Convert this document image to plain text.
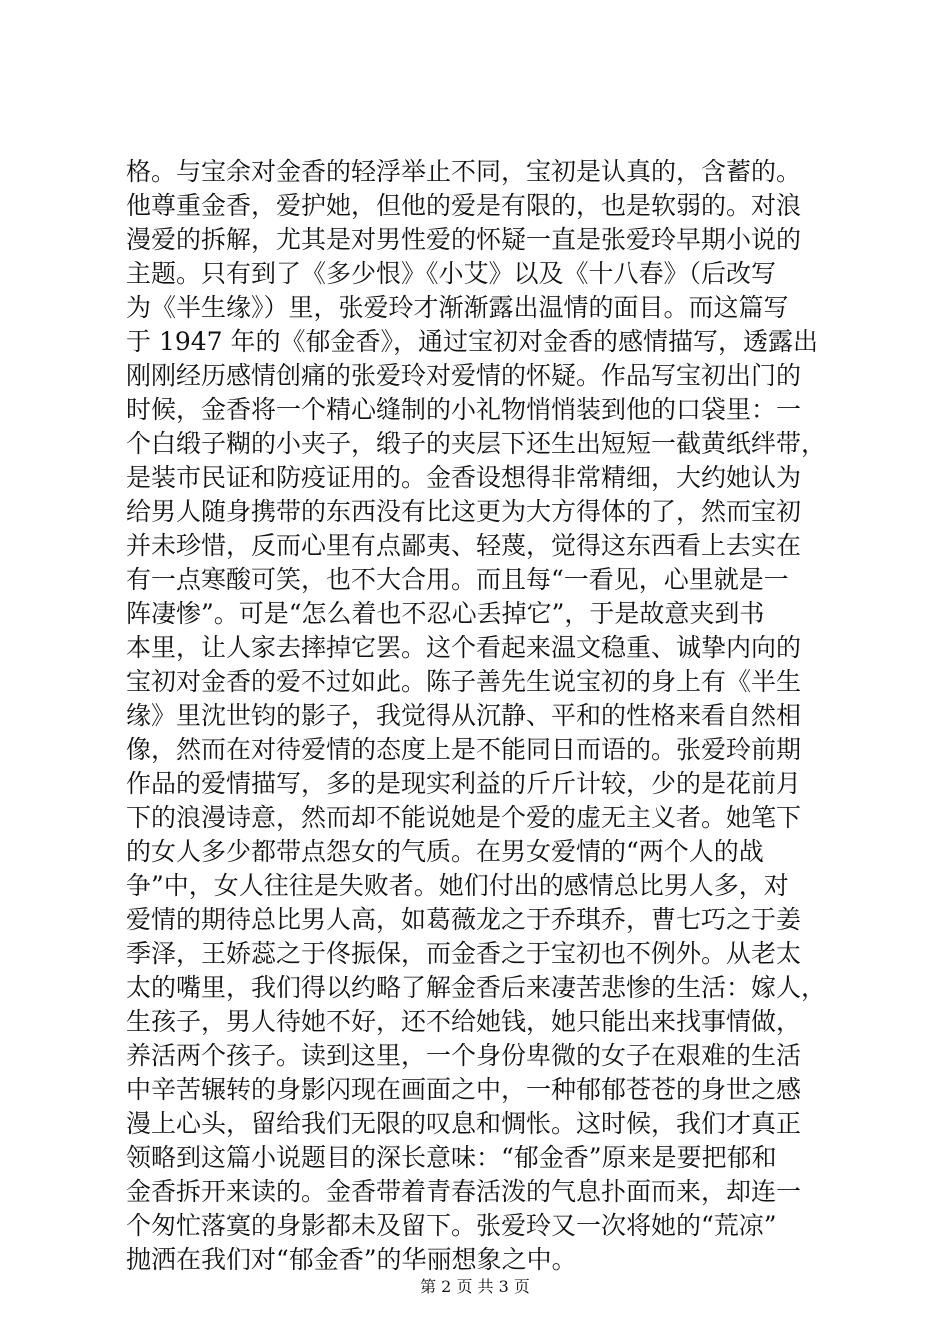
格。与宝余对金香的轻浮举止不同，宝初是认真的，含蓄的。
他尊重金香，爱护她，但他的爱是有限的，也是软弱的。对浪
漫爱的拆解，尤其是对男性爱的怀疑一直是张爱玲早期小说的
主题。只有到了《多少恨》《小艾》以及《十八春》（后改写
为《半生缘》）里，张爱玲才渐渐露出温情的面目。而这篇写
于 1947 年的《郁金香》，通过宝初对金香的感情描写，透露出
刚刚经历感情创痛的张爱玲对爱情的怀疑。作品写宝初出门的
时候，金香将一个精心缝制的小礼物悄悄装到他的口袋里：一
个白缎子糊的小夹子，缎子的夹层下还生出短短一截黄纸绊带，
是装市民证和防疫证用的。金香设想得非常精细，大约她认为
给男人随身携带的东西没有比这更为大方得体的了，然而宝初
并未珍惜，反而心里有点鄙夷、轻蔑，觉得这东西看上去实在
有一点寒酸可笑，也不大合用。而且每“一看见，心里就是一
阵凄惨”。可是“怎么着也不忍心丢掉它”，于是故意夹到书
本里，让人家去摔掉它罢。这个看起来温文稳重、诚挚内向的
宝初对金香的爱不过如此。陈子善先生说宝初的身上有《半生
缘》里沈世钧的影子，我觉得从沉静、平和的性格来看自然相
像，然而在对待爱情的态度上是不能同日而语的。张爱玲前期
作品的爱情描写，多的是现实利益的斤斤计较，少的是花前月
下的浪漫诗意，然而却不能说她是个爱的虚无主义者。她笔下
的女人多少都带点怨女的气质。在男女爱情的“两个人的战
争”中，女人往往是失败者。她们付出的感情总比男人多，对
爱情的期待总比男人高，如葛薇龙之于乔琪乔，曹七巧之于姜
季泽，王娇蕊之于佟振保，而金香之于宝初也不例外。从老太
太的嘴里，我们得以约略了解金香后来凄苦悲惨的生活：嫁人，
生孩子，男人待她不好，还不给她钱，她只能出来找事情做，
养活两个孩子。读到这里，一个身份卑微的女子在艰难的生活
中辛苦辗转的身影闪现在画面之中，一种郁郁苍苍的身世之感
漫上心头，留给我们无限的叹息和惆怅。这时候，我们才真正
领略到这篇小说题目的深长意味：“郁金香”原来是要把郁和
金香拆开来读的。金香带着青春活泼的气息扑面而来，却连一
个匆忙落寞的身影都未及留下。张爱玲又一次将她的“荒凉”
抛洒在我们对“郁金香”的华丽想象之中。
第 2 页 共 3 页
